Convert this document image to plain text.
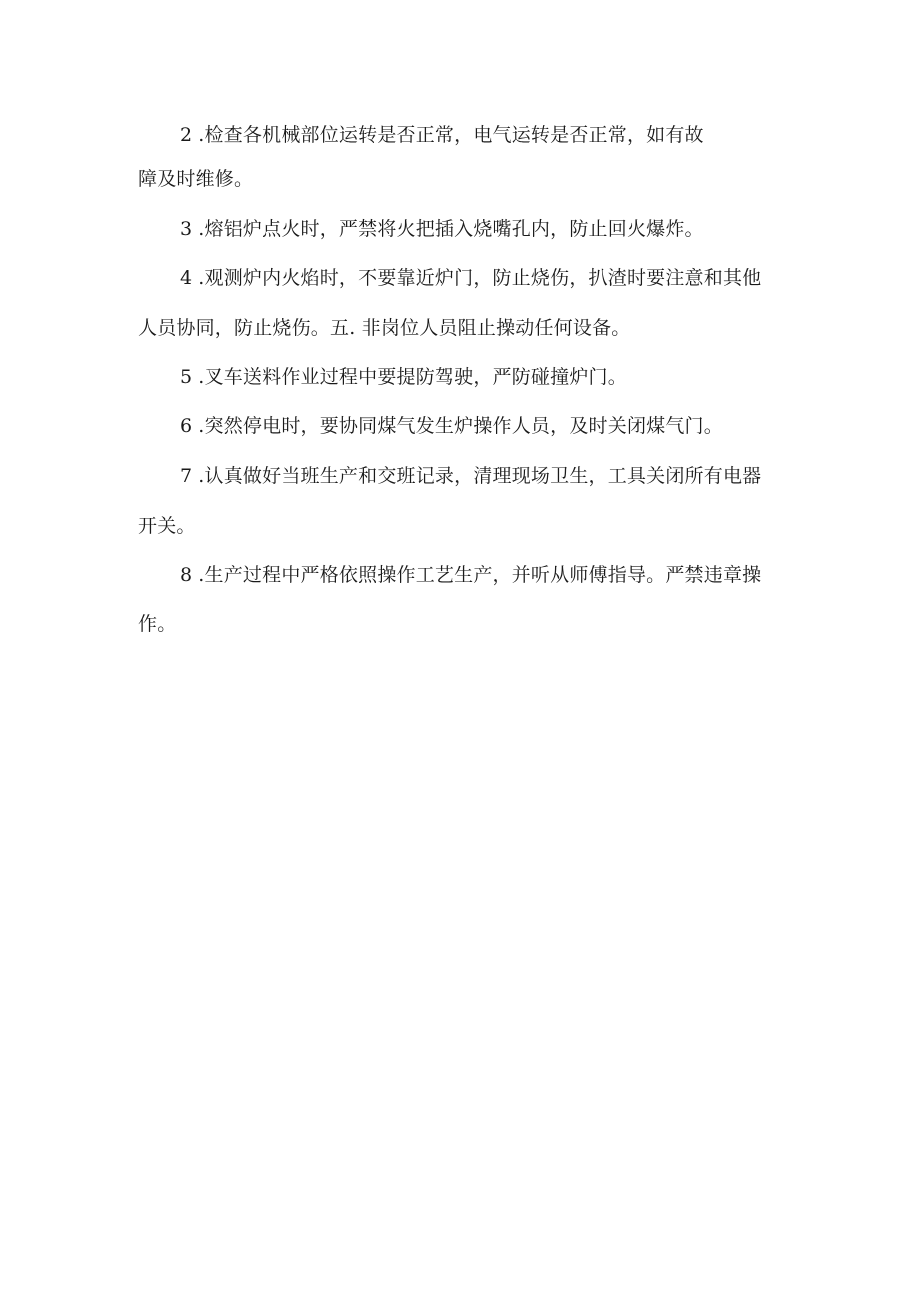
2 .检查各机械部位运转是否正常，电气运转是否正常，如有故
障及时维修。
3 .熔铝炉点火时，严禁将火把插入烧嘴孔内，防止回火爆炸。
4 .观测炉内火焰时，不要靠近炉门，防止烧伤，扒渣时要注意和其他
人员协同，防止烧伤。五. 非岗位人员阻止操动任何设备。
5 .叉车送料作业过程中要提防驾驶，严防碰撞炉门。
6 .突然停电时，要协同煤气发生炉操作人员，及时关闭煤气门。
7 .认真做好当班生产和交班记录，清理现场卫生，工具关闭所有电器
开关。
8 .生产过程中严格依照操作工艺生产，并听从师傅指导。严禁违章操
作。
